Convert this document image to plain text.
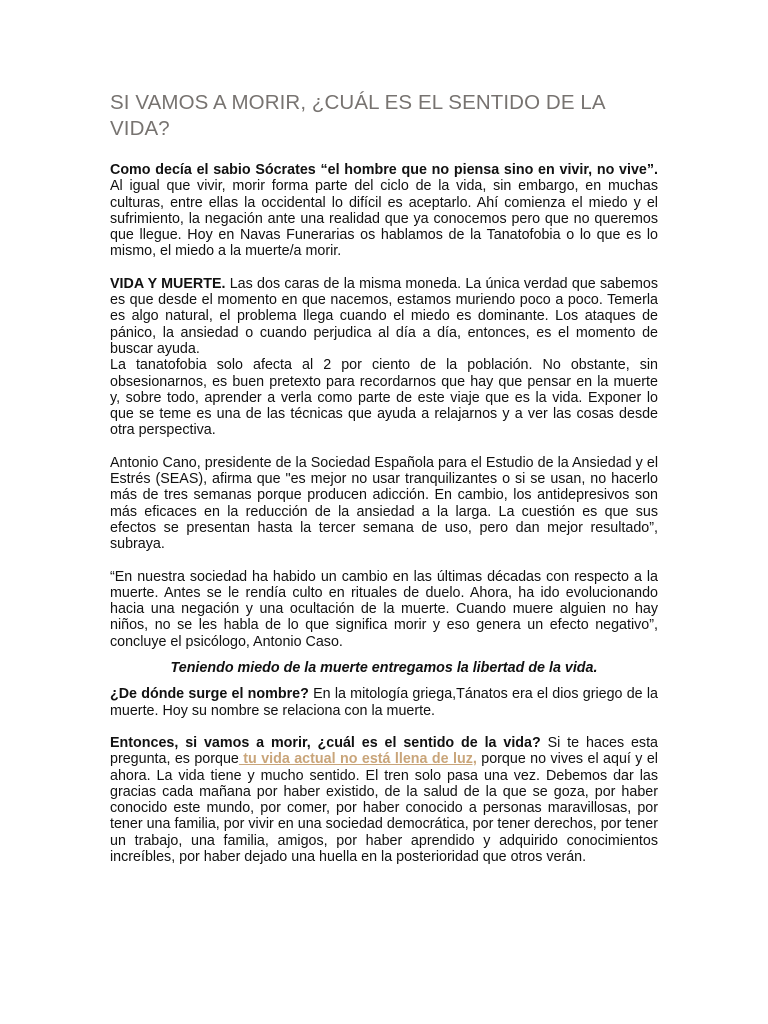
SI VAMOS A MORIR, ¿CUÁL ES EL SENTIDO DE LA VIDA?

Como decía el sabio Sócrates “el hombre que no piensa sino en vivir, no vive”. Al igual que vivir, morir forma parte del ciclo de la vida, sin embargo, en muchas culturas, entre ellas la occidental lo difícil es aceptarlo. Ahí comienza el miedo y el sufrimiento, la negación ante una realidad que ya conocemos pero que no queremos que llegue. Hoy en Navas Funerarias os hablamos de la Tanatofobia o lo que es lo mismo, el miedo a la muerte/a morir.

VIDA Y MUERTE. Las dos caras de la misma moneda. La única verdad que sabemos es que desde el momento en que nacemos, estamos muriendo poco a poco. Temerla es algo natural, el problema llega cuando el miedo es dominante. Los ataques de pánico, la ansiedad o cuando perjudica al día a día, entonces, es el momento de buscar ayuda.

La tanatofobia solo afecta al 2 por ciento de la población. No obstante, sin obsesionarnos, es buen pretexto para recordarnos que hay que pensar en la muerte y, sobre todo, aprender a verla como parte de este viaje que es la vida. Exponer lo que se teme es una de las técnicas que ayuda a relajarnos y a ver las cosas desde otra perspectiva.

Antonio Cano, presidente de la Sociedad Española para el Estudio de la Ansiedad y el Estrés (SEAS), afirma que "es mejor no usar tranquilizantes o si se usan, no hacerlo más de tres semanas porque producen adicción. En cambio, los antidepresivos son más eficaces en la reducción de la ansiedad a la larga. La cuestión es que sus efectos se presentan hasta la tercer semana de uso, pero dan mejor resultado”, subraya.

“En nuestra sociedad ha habido un cambio en las últimas décadas con respecto a la muerte. Antes se le rendía culto en rituales de duelo. Ahora, ha ido evolucionando hacia una negación y una ocultación de la muerte. Cuando muere alguien no hay niños, no se les habla de lo que significa morir y eso genera un efecto negativo”, concluye el psicólogo, Antonio Caso.

Teniendo miedo de la muerte entregamos la libertad de la vida.

¿De dónde surge el nombre? En la mitología griega,Tánatos era el dios griego de la muerte. Hoy su nombre se relaciona con la muerte.

Entonces, si vamos a morir, ¿cuál es el sentido de la vida? Si te haces esta pregunta, es porque tu vida actual no está llena de luz, porque no vives el aquí y el ahora. La vida tiene y mucho sentido. El tren solo pasa una vez. Debemos dar las gracias cada mañana por haber existido, de la salud de la que se goza, por haber conocido este mundo, por comer, por haber conocido a personas maravillosas, por tener una familia, por vivir en una sociedad democrática, por tener derechos, por tener un trabajo, una familia, amigos, por haber aprendido y adquirido conocimientos increíbles, por haber dejado una huella en la posterioridad que otros verán.
